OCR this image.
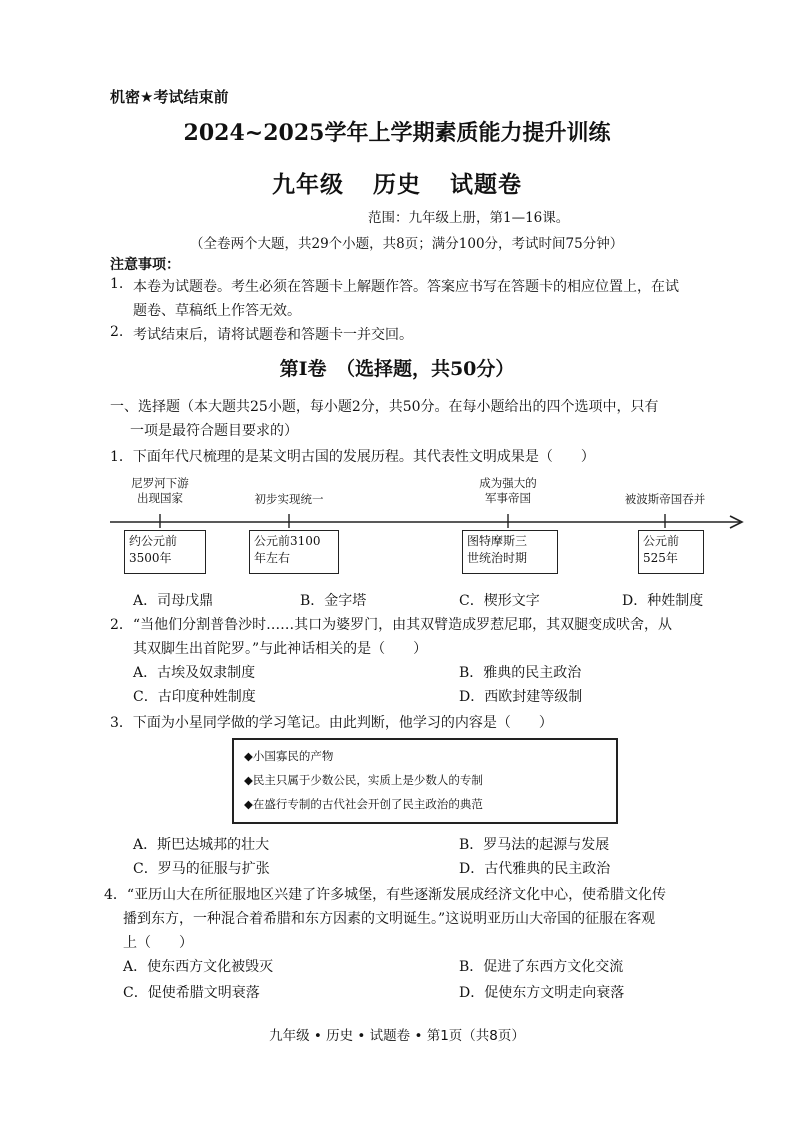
机密★考试结束前
2024~2025学年上学期素质能力提升训练
九年级 历史 试题卷
范围：九年级上册，第1—16课。
（全卷两个大题，共29个小题，共8页；满分100分，考试时间75分钟）
注意事项：
1. 本卷为试题卷。考生必须在答题卡上解题作答。答案应书写在答题卡的相应位置上，在试
题卷、草稿纸上作答无效。
2. 考试结束后，请将试题卷和答题卡一并交回。
第Ⅰ卷　（选择题，共50分）
一、选择题（本大题共25小题，每小题2分，共50分。在每小题给出的四个选项中，只有
一项是最符合题目要求的）
1．下面年代尺梳理的是某文明古国的发展历程。其代表性文明成果是（　　）
尼罗河下游
出现国家	初步实现统一
成为强大的
军事帝国	被波斯帝国吞并
约公元前
3500年
公元前3100
年左右
图特摩斯三
世统治时期
公元前
525年
A．司母戊鼎	B．金字塔	C．楔形文字	D．种姓制度
2．“当他们分割普鲁沙时……其口为婆罗门，由其双臂造成罗惹尼耶，其双腿变成吠舍，从
其双脚生出首陀罗。”与此神话相关的是（　　）
A．古埃及奴隶制度	B．雅典的民主政治
C．古印度种姓制度	D．西欧封建等级制
3．下面为小星同学做的学习笔记。由此判断，他学习的内容是（　　）
◆小国寡民的产物
◆民主只属于少数公民，实质上是少数人的专制
◆在盛行专制的古代社会开创了民主政治的典范
A．斯巴达城邦的壮大	B．罗马法的起源与发展
C．罗马的征服与扩张	D．古代雅典的民主政治
4．“亚历山大在所征服地区兴建了许多城堡，有些逐渐发展成经济文化中心，使希腊文化传
播到东方，一种混合着希腊和东方因素的文明诞生。”这说明亚历山大帝国的征服在客观
上（　　）
A．使东西方文化被毁灭	B．促进了东西方文化交流
C．促使希腊文明衰落	D．促使东方文明走向衰落
九年级 • 历史 • 试题卷 • 第1页（共8页）
